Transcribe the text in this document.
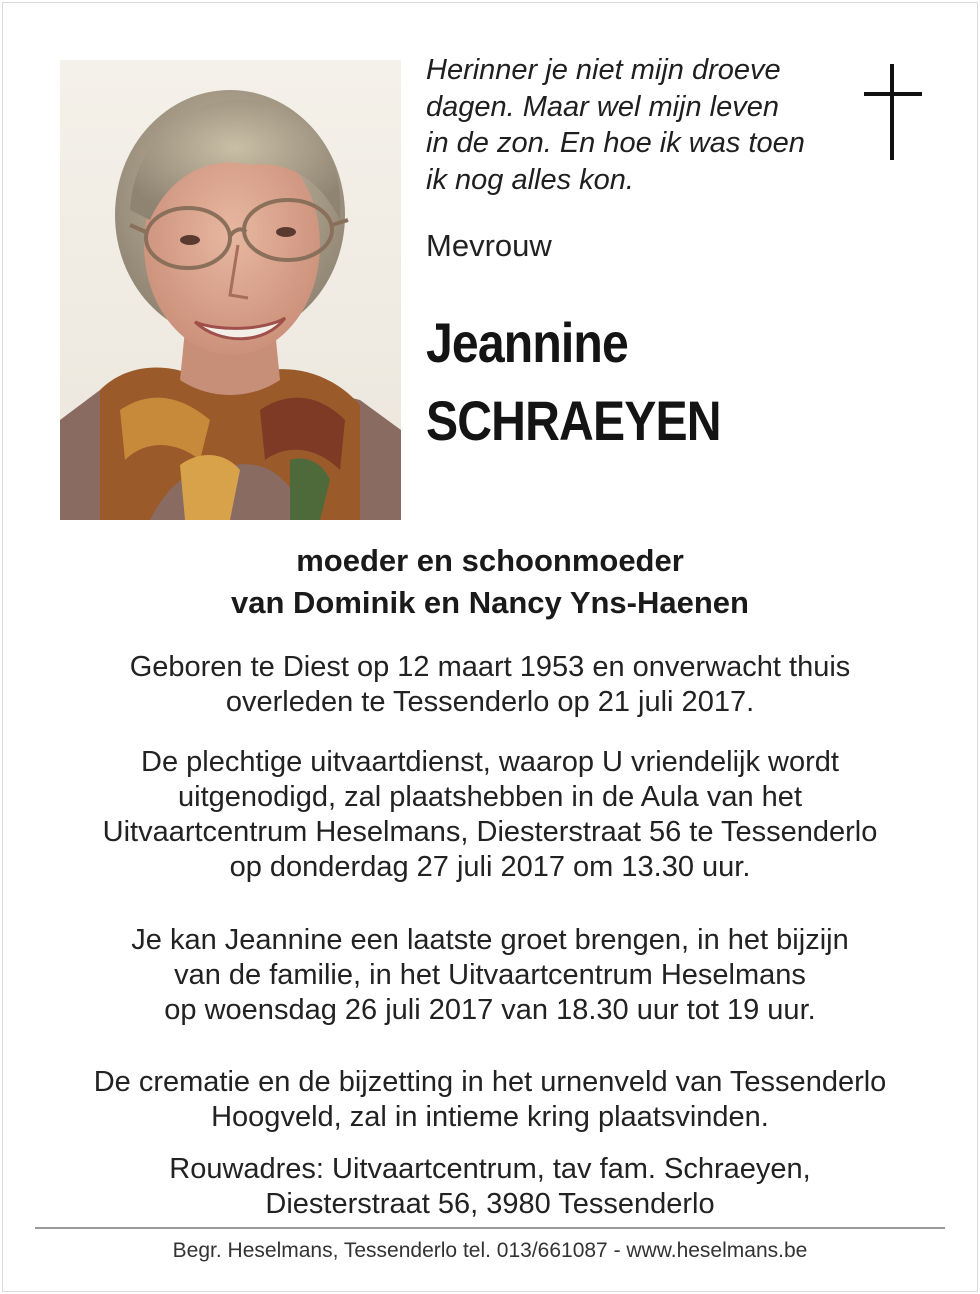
Herinner je niet mijn droeve
dagen. Maar wel mijn leven
in de zon. En hoe ik was toen
ik nog alles kon.
Mevrouw
Jeannine
SCHRAEYEN
moeder en schoonmoeder
van Dominik en Nancy Yns-Haenen
Geboren te Diest op 12 maart 1953 en onverwacht thuis
overleden te Tessenderlo op 21 juli 2017.
De plechtige uitvaartdienst, waarop U vriendelijk wordt
uitgenodigd, zal plaatshebben in de Aula van het
Uitvaartcentrum Heselmans, Diesterstraat 56 te Tessenderlo
op donderdag 27 juli 2017 om 13.30 uur.
Je kan Jeannine een laatste groet brengen, in het bijzijn
van de familie, in het Uitvaartcentrum Heselmans
op woensdag 26 juli 2017 van 18.30 uur tot 19 uur.
De crematie en de bijzetting in het urnenveld van Tessenderlo
Hoogveld, zal in intieme kring plaatsvinden.
Rouwadres: Uitvaartcentrum, tav fam. Schraeyen,
Diesterstraat 56, 3980 Tessenderlo
Begr. Heselmans, Tessenderlo tel. 013/661087 - www.heselmans.be
